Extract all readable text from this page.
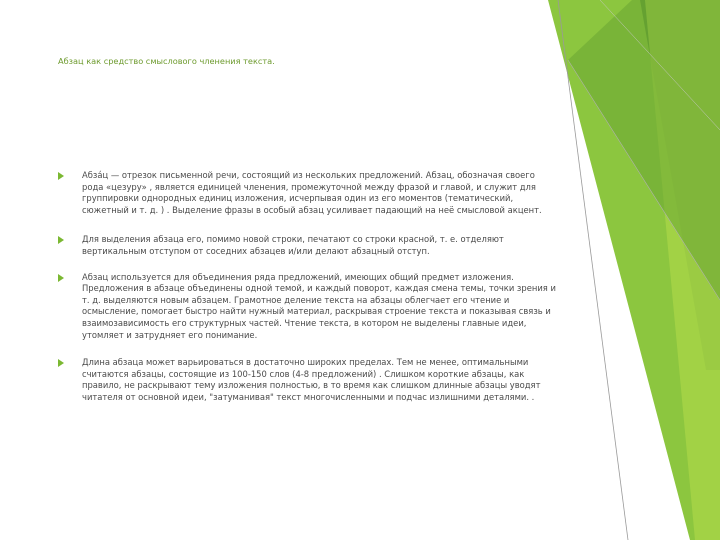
Абзац как средство смыслового членения текста.
Абза́ц — отрезок письменной речи, состоящий из нескольких предложений. Абзац, обозначая своего рода «цезуру» , является единицей членения, промежуточной между фразой и главой, и служит для группировки однородных единиц изложения, исчерпывая один из его моментов (тематический, сюжетный и т. д. ) . Выделение фразы в особый абзац усиливает падающий на неё смысловой акцент.
Для выделения абзаца его, помимо новой строки, печатают со строки красной, т. е. отделяют вертикальным отступом от соседних абзацев и/или делают абзацный отступ.
Абзац используется для объединения ряда предложений, имеющих общий предмет изложения. Предложения в абзаце объединены одной темой, и каждый поворот, каждая смена темы, точки зрения и т. д. выделяются новым абзацем. Грамотное деление текста на абзацы облегчает его чтение и осмысление, помогает быстро найти нужный материал, раскрывая строение текста и показывая связь и взаимозависимость его структурных частей. Чтение текста, в котором не выделены главные идеи, утомляет и затрудняет его понимание.
Длина абзаца может варьироваться в достаточно широких пределах. Тем не менее, оптимальными считаются абзацы, состоящие из 100-150 слов (4-8 предложений) . Слишком короткие абзацы, как правило, не раскрывают тему изложения полностью, в то время как слишком длинные абзацы уводят читателя от основной идеи, "затуманивая" текст многочисленными и подчас излишними деталями. .
